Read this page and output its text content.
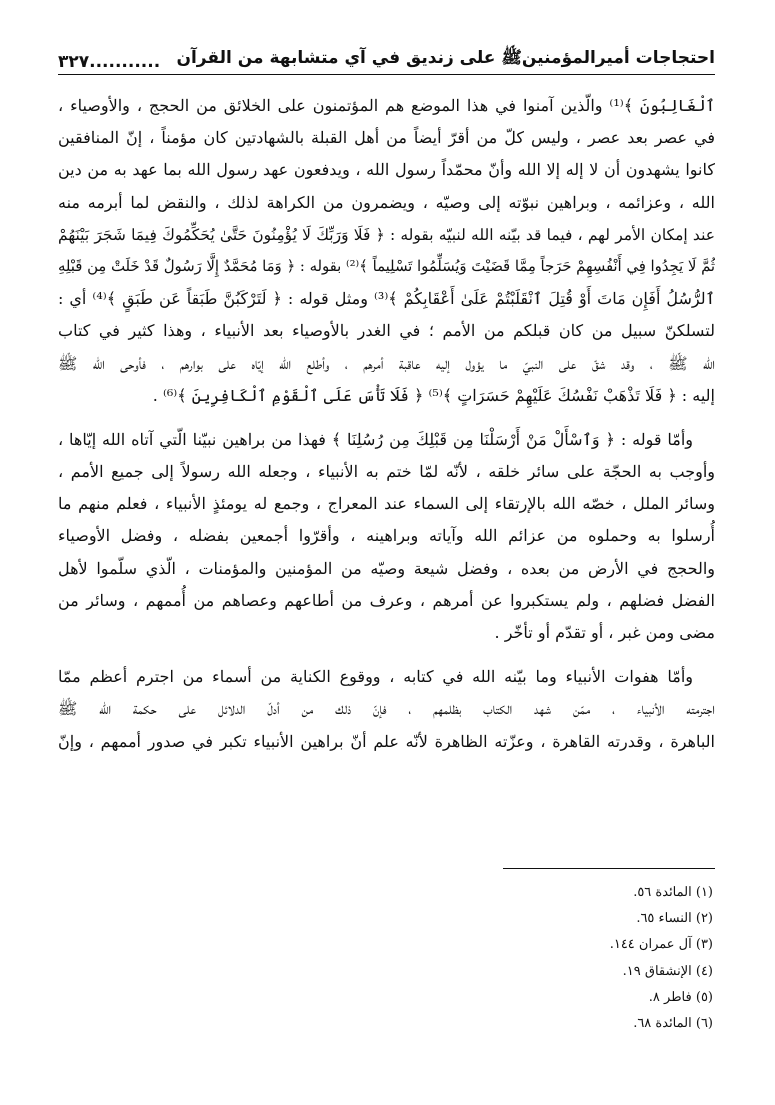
احتجاجات أميرالمؤمنينﷺ على زنديق في آي متشابهة من القرآن
...........٣٢٧
ٱلْغَالِبُونَ ﴾⁽¹⁾ والّذين آمنوا في هذا الموضع هم المؤتمنون على الخلائق من الحجج ، والأوصياء ،
في عصر بعد عصر ، وليس كلّ من أقرّ أيضاً من أهل القبلة بالشهادتين كان مؤمناً ، إنّ المنافقين
كانوا يشهدون أن لا إله إلا الله وأنّ محمّداً رسول الله ، ويدفعون عهد رسول الله بما عهد به من دين
الله ، وعزائمه ، وبراهين نبوّته إلى وصيّه ، ويضمرون من الكراهة لذلك ، والنقض لما أبرمه منه
عند إمكان الأمر لهم ، فيما قد بيّنه الله لنبيّه بقوله : ﴿ فَلَا وَرَبِّكَ لَا يُؤْمِنُونَ حَتَّىٰ يُحَكِّمُوكَ فِيمَا شَجَرَ بَيْنَهُمْ
ثُمَّ لَا يَجِدُوا فِي أَنْفُسِهِمْ حَرَجاً مِمَّا قَضَيْتَ وَيُسَلِّمُوا تَسْلِيماً ﴾⁽²⁾ بقوله : ﴿ وَمَا مُحَمَّدٌ إِلَّا رَسُولٌ قَدْ خَلَتْ مِن قَبْلِهِ
ٱلرُّسُلُ أَفَإِن مَاتَ أَوْ قُتِلَ ٱنْقَلَبْتُمْ عَلَىٰ أَعْقَابِكُمْ ﴾⁽³⁾ ومثل قوله : ﴿ لَتَرْكَبُنَّ طَبَقاً عَن طَبَقٍ ﴾⁽⁴⁾ أي :
لتسلكنّ سبيل من كان قبلكم من الأمم ؛ في الغدر بالأوصياء بعد الأنبياء ، وهذا كثير في كتاب
الله ﷺ ، وقد شقّ على النبيّ ما يؤول إليه عاقبة أمرهم ، وأطلع الله إيّاه على بوارهم ، فأوحى الله ﷺ
إليه : ﴿ فَلَا تَذْهَبْ نَفْسُكَ عَلَيْهِمْ حَسَرَاتٍ ﴾⁽⁵⁾ ﴿ فَلَا تَأْسَ عَلَى ٱلْقَوْمِ ٱلْكَافِرِينَ ﴾⁽⁶⁾ .
وأمّا قوله : ﴿ وَٱسْأَلْ مَنْ أَرْسَلْنَا مِن قَبْلِكَ مِن رُسُلِنَا ﴾ فهذا من براهين نبيّنا الّتي آتاه الله إيّاها ،
وأوجب به الحجّة على سائر خلقه ، لأنّه لمّا ختم به الأنبياء ، وجعله الله رسولاً إلى جميع الأمم ،
وسائر الملل ، خصّه الله بالإرتقاء إلى السماء عند المعراج ، وجمع له يومئذٍ الأنبياء ، فعلم منهم ما
أُرسلوا به وحملوه من عزائم الله وآياته وبراهينه ، وأقرّوا أجمعين بفضله ، وفضل الأوصياء
والحجج في الأرض من بعده ، وفضل شيعة وصيّه من المؤمنين والمؤمنات ، الّذي سلّموا لأهل
الفضل فضلهم ، ولم يستكبروا عن أمرهم ، وعرف من أطاعهم وعصاهم من أُممهم ، وسائر من
مضى ومن غبر ، أو تقدّم أو تأخّر .
وأمّا هفوات الأنبياء وما بيّنه الله في كتابه ، ووقوع الكناية من أسماء من اجترم أعظم ممّا
اجترمته الأنبياء ، ممّن شهد الكتاب بظلمهم ، فإنّ ذلك من أدلّ الدلائل على حكمة الله ﷺ
الباهرة ، وقدرته القاهرة ، وعزّته الظاهرة لأنّه علم أنّ براهين الأنبياء تكبر في صدور أممهم ، وإنّ
(١) المائدة ٥٦.
(٢) النساء ٦٥.
(٣) آل عمران ١٤٤.
(٤) الإنشقاق ١٩.
(٥) فاطر ٨.
(٦) المائدة ٦٨.
